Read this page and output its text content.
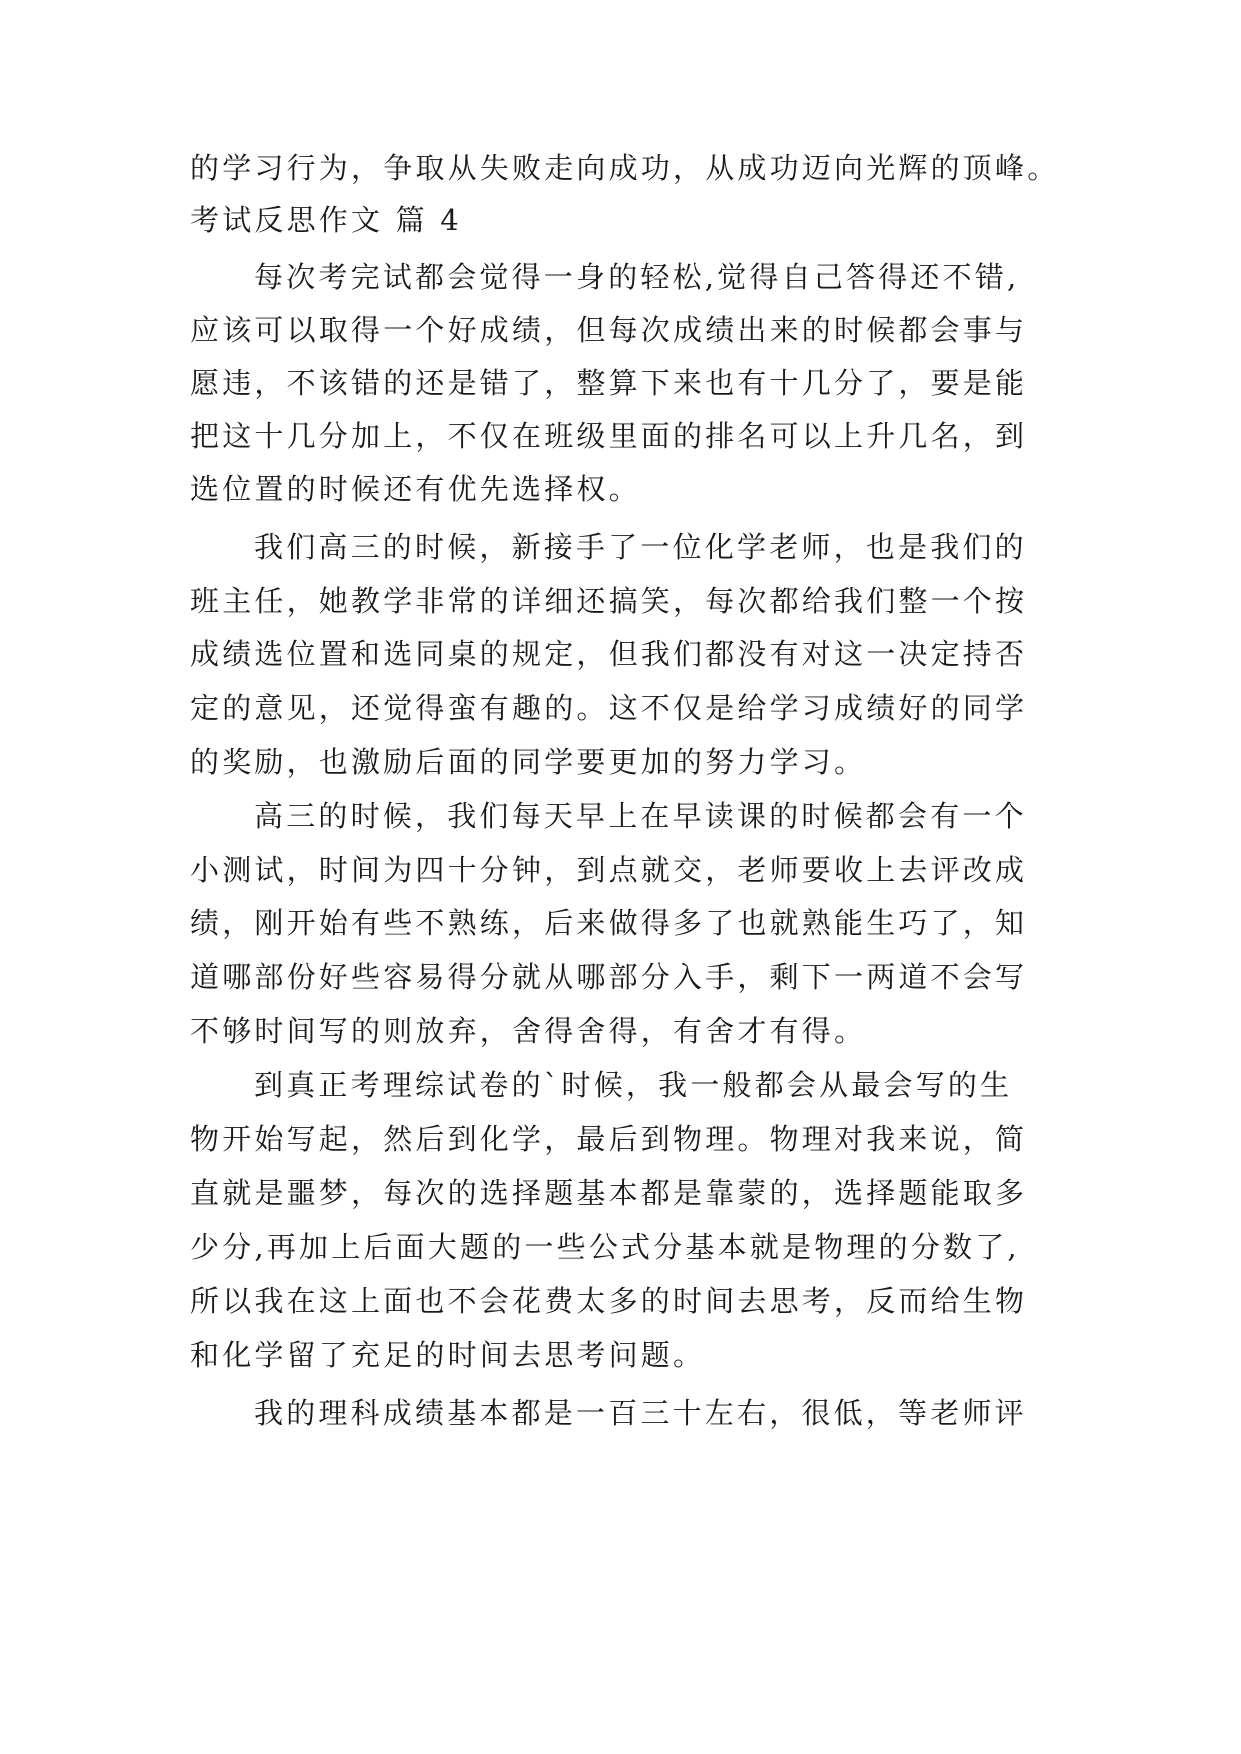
的学习行为，争取从失败走向成功，从成功迈向光辉的顶峰。
考试反思作文 篇 4
每次考完试都会觉得一身的轻松,觉得自己答得还不错,
应该可以取得一个好成绩，但每次成绩出来的时候都会事与
愿违，不该错的还是错了，整算下来也有十几分了，要是能
把这十几分加上，不仅在班级里面的排名可以上升几名，到
选位置的时候还有优先选择权。
我们高三的时候，新接手了一位化学老师，也是我们的
班主任，她教学非常的详细还搞笑，每次都给我们整一个按
成绩选位置和选同桌的规定，但我们都没有对这一决定持否
定的意见，还觉得蛮有趣的。这不仅是给学习成绩好的同学
的奖励，也激励后面的同学要更加的努力学习。
高三的时候，我们每天早上在早读课的时候都会有一个
小测试，时间为四十分钟，到点就交，老师要收上去评改成
绩，刚开始有些不熟练，后来做得多了也就熟能生巧了，知
道哪部份好些容易得分就从哪部分入手，剩下一两道不会写
不够时间写的则放弃，舍得舍得，有舍才有得。
到真正考理综试卷的`时候，我一般都会从最会写的生
物开始写起，然后到化学，最后到物理。物理对我来说，简
直就是噩梦，每次的选择题基本都是靠蒙的，选择题能取多
少分,再加上后面大题的一些公式分基本就是物理的分数了,
所以我在这上面也不会花费太多的时间去思考，反而给生物
和化学留了充足的时间去思考问题。
我的理科成绩基本都是一百三十左右，很低，等老师评
